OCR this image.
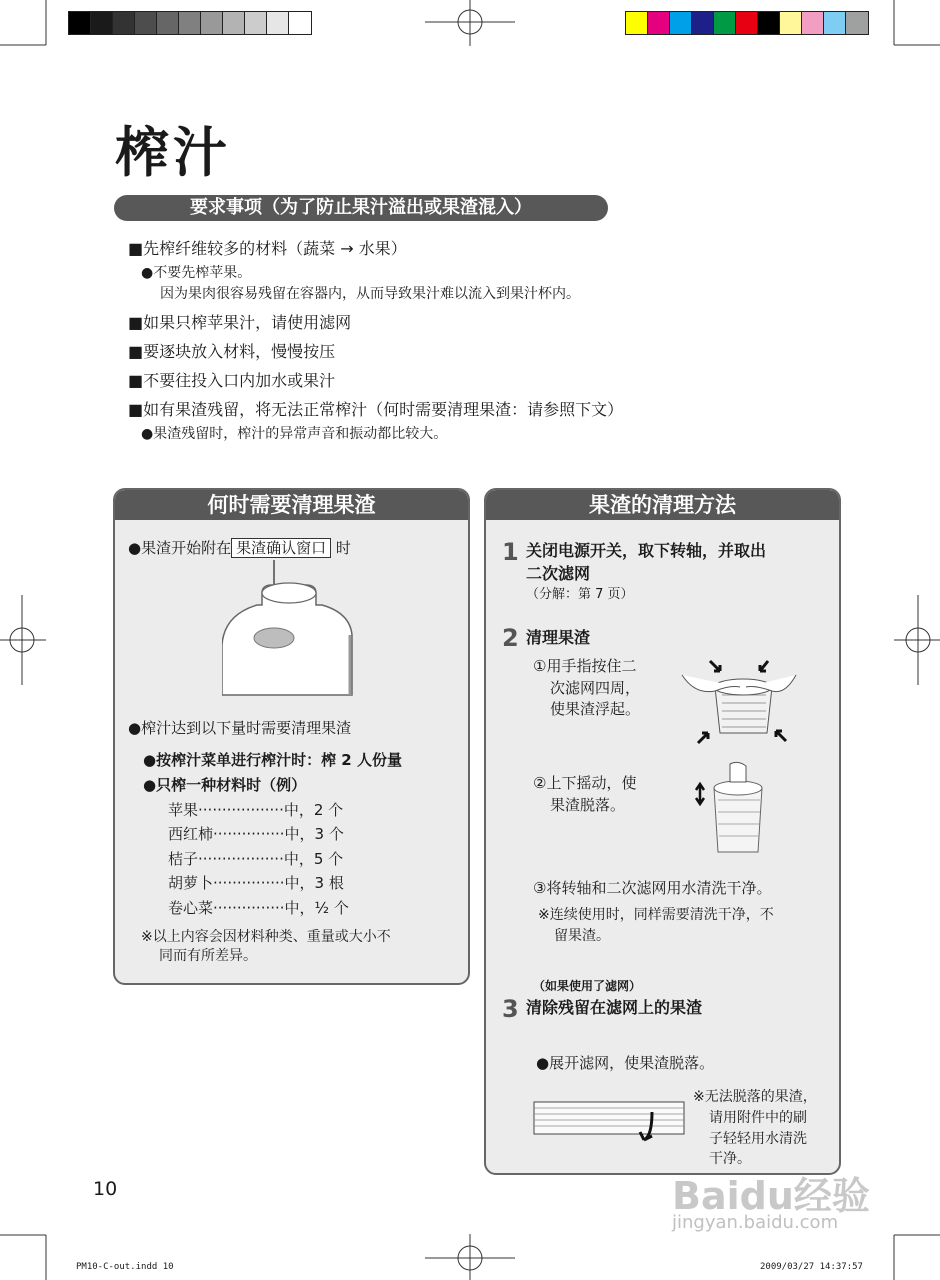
榨汁
要求事项（为了防止果汁溢出或果渣混入）
■先榨纤维较多的材料（蔬菜 → 水果）
●不要先榨苹果。
因为果肉很容易残留在容器内，从而导致果汁难以流入到果汁杯内。
■如果只榨苹果汁，请使用滤网
■要逐块放入材料，慢慢按压
■不要往投入口内加水或果汁
■如有果渣残留，将无法正常榨汁（何时需要清理果渣：请参照下文）
●果渣残留时，榨汁的异常声音和振动都比较大。
何时需要清理果渣
●果渣开始附在 果渣确认窗口 时
●榨汁达到以下量时需要清理果渣
●按榨汁菜单进行榨汁时：榨 2 人份量
●只榨一种材料时（例）
苹果··················中，2 个
西红柿···············中，3 个
桔子··················中，5 个
胡萝卜···············中，3 根
卷心菜···············中，½ 个
※以上内容会因材料种类、重量或大小不
同而有所差异。
果渣的清理方法
1 关闭电源开关，取下转轴，并取出
二次滤网
（分解：第 7 页）
2 清理果渣
①用手指按住二
次滤网四周，
使果渣浮起。
②上下摇动，使
果渣脱落。
③将转轴和二次滤网用水清洗干净。
※连续使用时，同样需要清洗干净，不
留果渣。
（如果使用了滤网）
3 清除残留在滤网上的果渣
●展开滤网，使果渣脱落。
※无法脱落的果渣，
请用附件中的刷
子轻轻用水清洗
干净。
10	Baidu经验
jingyan.baidu.com
PM10-C-out.indd 10	2009/03/27 14:37:57
